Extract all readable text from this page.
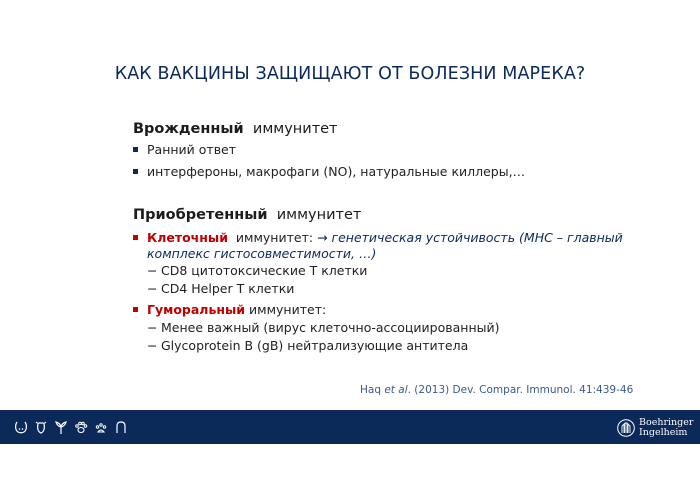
КАК ВАКЦИНЫ ЗАЩИЩАЮТ ОТ БОЛЕЗНИ МАРЕКА?
Врожденный иммунитет
Ранний ответ
интерфероны, макрофаги (NO), натуральные киллеры,…
Приобретенный иммунитет
Клеточный иммунитет: → генетическая устойчивость (MHC – главный комплекс гистосовместимости, …)
− CD8 цитотоксические Т клетки
− CD4 Helper Т клетки
Гуморальный иммунитет:
− Менее важный (вирус клеточно-ассоциированный)
− Glycoprotein B (gB) нейтрализующие антитела
Haq et al. (2013) Dev. Compar. Immunol. 41:439-46
Boehringer
Ingelheim
